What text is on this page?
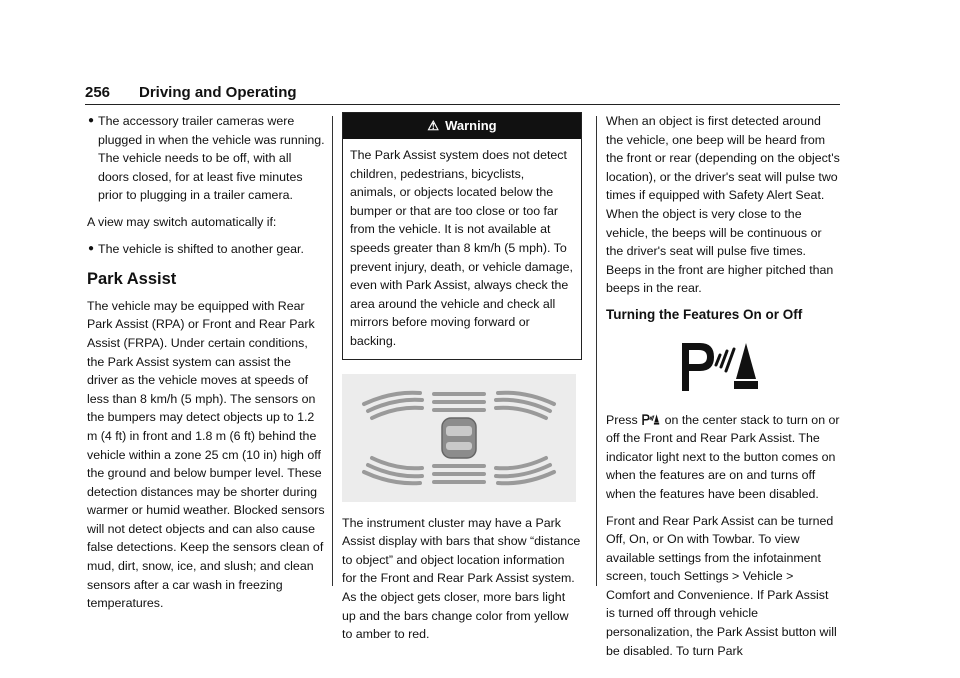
256 Driving and Operating
● The accessory trailer cameras were plugged in when the vehicle was running. The vehicle needs to be off, with all doors closed, for at least five minutes prior to plugging in a trailer camera.

A view may switch automatically if:

● The vehicle is shifted to another gear.
Park Assist

The vehicle may be equipped with Rear Park Assist (RPA) or Front and Rear Park Assist (FRPA). Under certain conditions, the Park Assist system can assist the driver as the vehicle moves at speeds of less than 8 km/h (5 mph). The sensors on the bumpers may detect objects up to 1.2 m (4 ft) in front and 1.8 m (6 ft) behind the vehicle within a zone 25 cm (10 in) high off the ground and below bumper level. These detection distances may be shorter during warmer or humid weather. Blocked sensors will not detect objects and can also cause false detections. Keep the sensors clean of mud, dirt, snow, ice, and slush; and clean sensors after a car wash in freezing temperatures.

⚠ Warning
The Park Assist system does not detect children, pedestrians, bicyclists, animals, or objects located below the bumper or that are too close or too far from the vehicle. It is not available at speeds greater than 8 km/h (5 mph). To prevent injury, death, or vehicle damage, even with Park Assist, always check the area around the vehicle and check all mirrors before moving forward or backing.

The instrument cluster may have a Park Assist display with bars that show “distance to object” and object location information for the Front and Rear Park Assist system. As the object gets closer, more bars light up and the bars change color from yellow to amber to red.

When an object is first detected around the vehicle, one beep will be heard from the front or rear (depending on the object's location), or the driver's seat will pulse two times if equipped with Safety Alert Seat. When the object is very close to the vehicle, the beeps will be continuous or the driver's seat will pulse five times. Beeps in the front are higher pitched than beeps in the rear.

Turning the Features On or Off

Press on the center stack to turn on or off the Front and Rear Park Assist. The indicator light next to the button comes on when the features are on and turns off when the features have been disabled.

Front and Rear Park Assist can be turned Off, On, or On with Towbar. To view available settings from the infotainment screen, touch Settings > Vehicle > Comfort and Convenience. If Park Assist is turned off through vehicle personalization, the Park Assist button will be disabled. To turn Park
